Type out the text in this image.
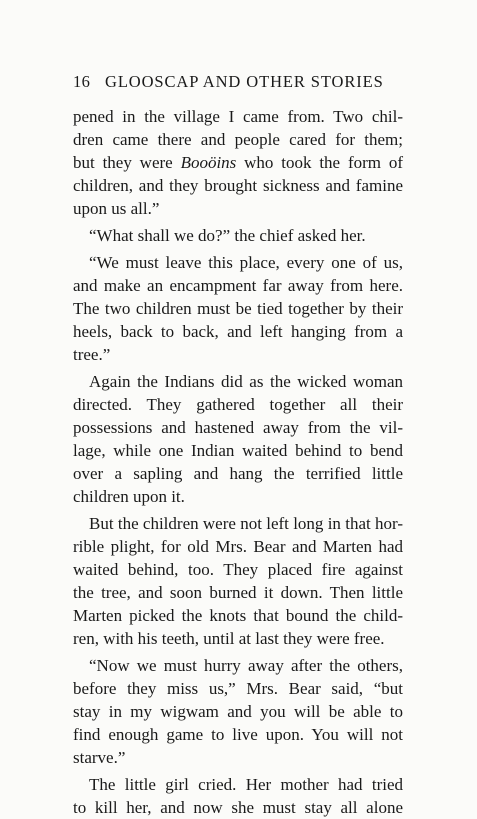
16 GLOOSCAP AND OTHER STORIES
pened in the village I came from. Two chil-
dren came there and people cared for them;
but they were Booöins who took the form of
children, and they brought sickness and famine
upon us all.”
“What shall we do?” the chief asked her.
“We must leave this place, every one of us,
and make an encampment far away from here.
The two children must be tied together by their
heels, back to back, and left hanging from a
tree.”
Again the Indians did as the wicked woman
directed. They gathered together all their
possessions and hastened away from the vil-
lage, while one Indian waited behind to bend
over a sapling and hang the terrified little
children upon it.
But the children were not left long in that hor-
rible plight, for old Mrs. Bear and Marten had
waited behind, too. They placed fire against
the tree, and soon burned it down. Then little
Marten picked the knots that bound the child-
ren, with his teeth, until at last they were free.
“Now we must hurry away after the others,
before they miss us,” Mrs. Bear said, “but
stay in my wigwam and you will be able to
find enough game to live upon. You will not
starve.”
The little girl cried. Her mother had tried
to kill her, and now she must stay all alone
